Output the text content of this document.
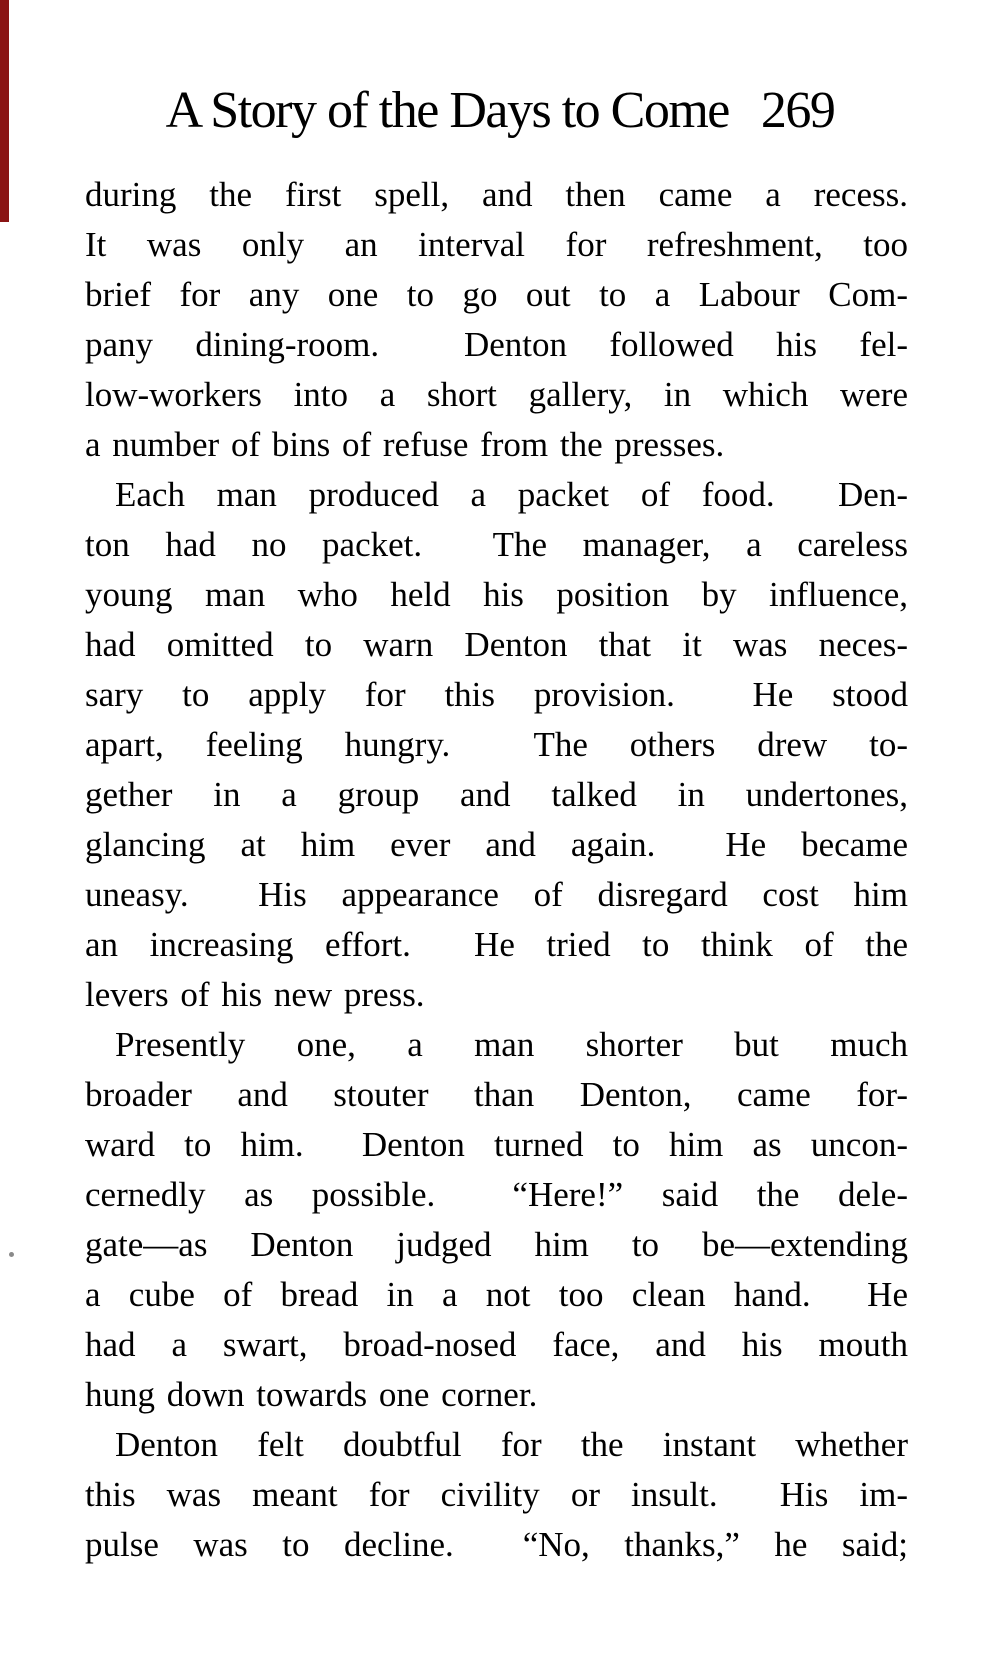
A Story of the Days to Come 269
during the first spell, and then came a recess.
It was only an interval for refreshment, too
brief for any one to go out to a Labour Com-
pany dining-room.  Denton followed his fel-
low-workers into a short gallery, in which were
a number of bins of refuse from the presses.
Each man produced a packet of food.  Den-
ton had no packet.  The manager, a careless
young man who held his position by influence,
had omitted to warn Denton that it was neces-
sary to apply for this provision.  He stood
apart, feeling hungry.  The others drew to-
gether in a group and talked in undertones,
glancing at him ever and again.  He became
uneasy.  His appearance of disregard cost him
an increasing effort.  He tried to think of the
levers of his new press.
Presently one, a man shorter but much
broader and stouter than Denton, came for-
ward to him.  Denton turned to him as uncon-
cernedly as possible.  “Here!” said the dele-
gate—as Denton judged him to be—extending
a cube of bread in a not too clean hand.  He
had a swart, broad-nosed face, and his mouth
hung down towards one corner.
Denton felt doubtful for the instant whether
this was meant for civility or insult.  His im-
pulse was to decline.  “No, thanks,” he said;
